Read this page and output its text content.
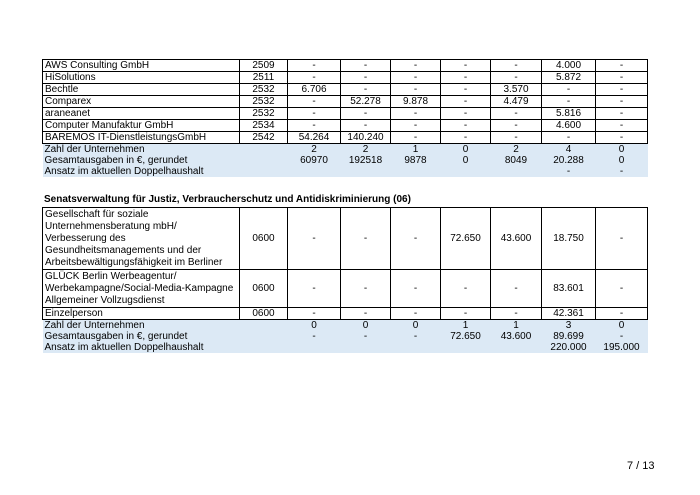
AWS Consulting GmbH	2509	-	-	-	-	-	4.000	-
HiSolutions	2511	-	-	-	-	-	5.872	-
Bechtle	2532	6.706	-	-	-	3.570	-	-
Comparex	2532	-	52.278	9.878	-	4.479	-	-
araneanet	2532	-	-	-	-	-	5.816	-
Computer Manufaktur GmbH	2534	-	-	-	-	-	4.600	-
BAREMOS IT-DienstleistungsGmbH	2542	54.264	140.240	-	-	-	-	-
Zahl der Unternehmen		2	2	1	0	2	4	0
Gesamtausgaben in €, gerundet		60970	192518	9878	0	8049	20.288	0
Ansatz im aktuellen Doppelhaushalt							-	-
Senatsverwaltung für Justiz, Verbraucherschutz und Antidiskriminierung (06)
Gesellschaft für soziale Unternehmensberatung mbH/ Verbesserung des Gesundheitsmanagements und der Arbeitsbewältigungsfähigkeit im Berliner	0600	-	-	-	72.650	43.600	18.750	-
GLÜCK Berlin Werbeagentur/ Werbekampagne/Social-Media-Kampagne Allgemeiner Vollzugsdienst	0600	-	-	-	-	-	83.601	-
Einzelperson	0600	-	-	-	-	-	42.361	-
Zahl der Unternehmen		0	0	0	1	1	3	0
Gesamtausgaben in €, gerundet		-	-	-	72.650	43.600	89.699	-
Ansatz im aktuellen Doppelhaushalt							220.000	195.000
7 / 13
